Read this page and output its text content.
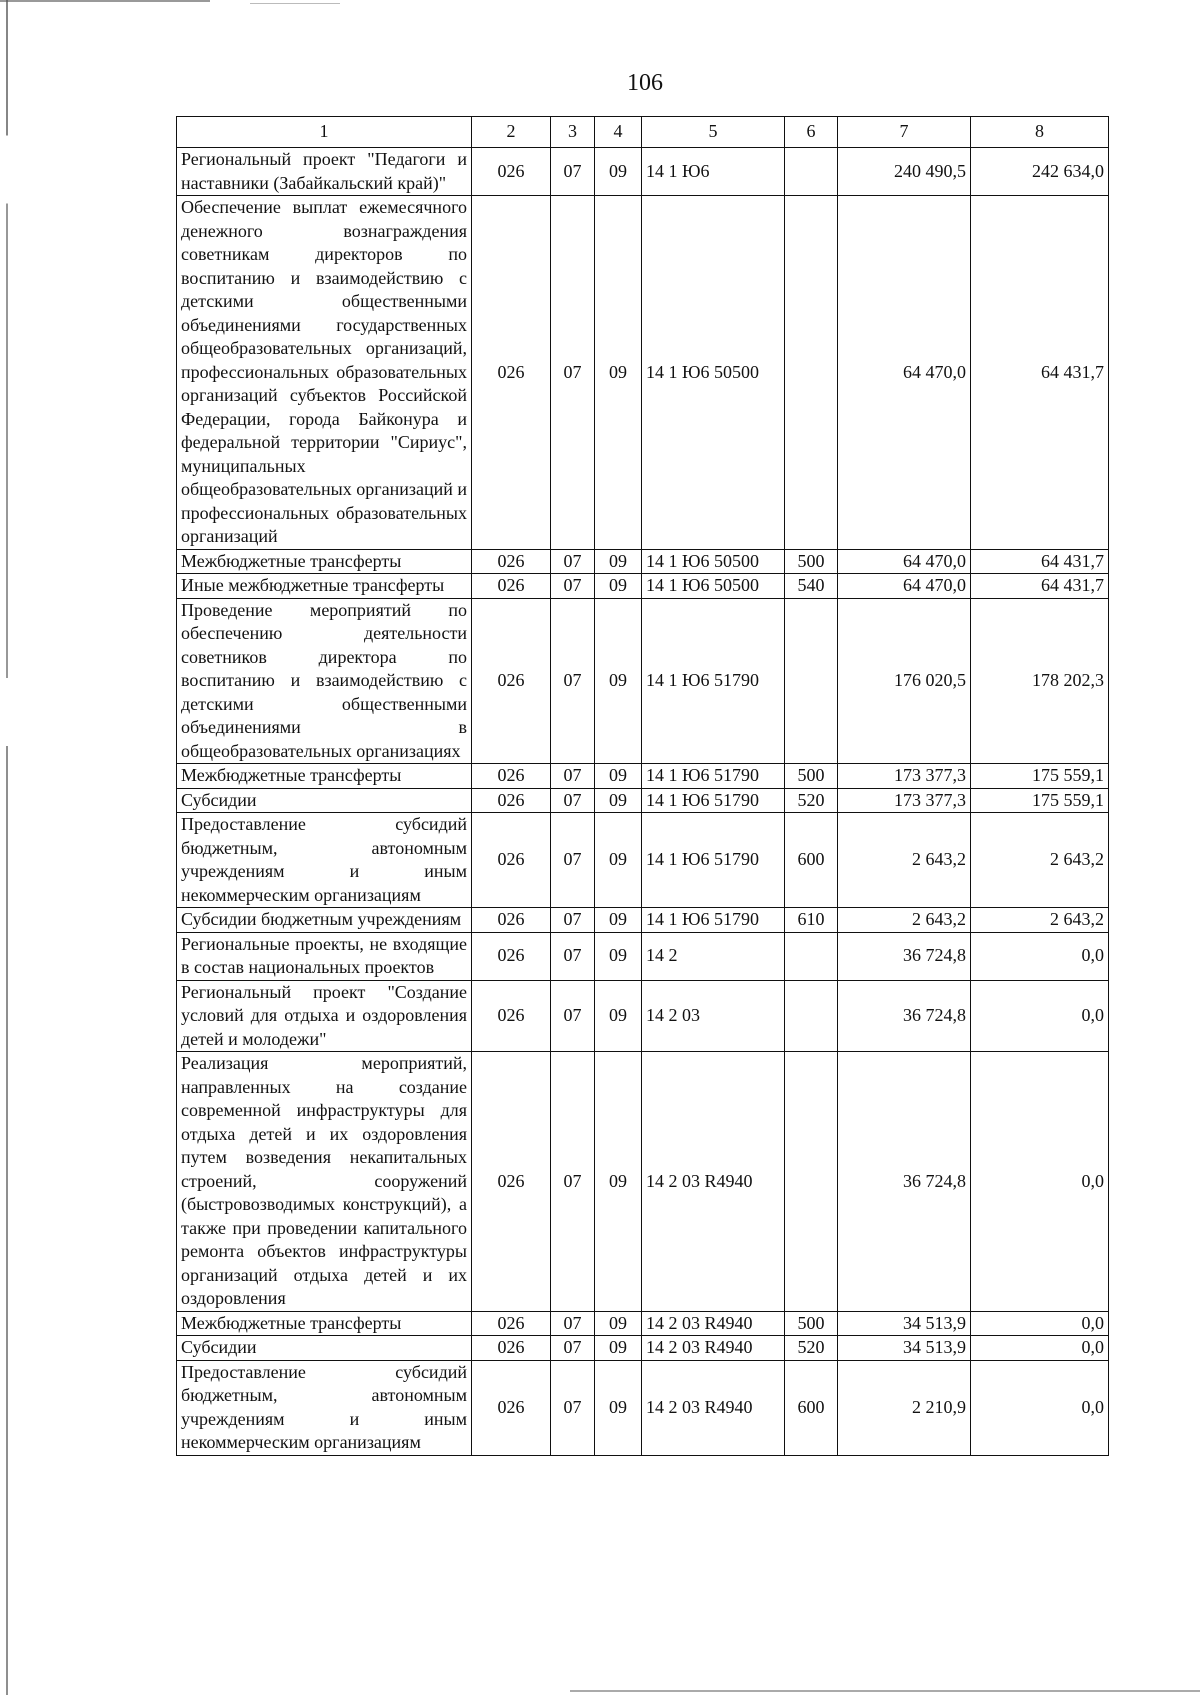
106
1	2	3	4	5	6	7	8
Региональный проект "Педагоги и наставники (Забайкальский край)"	026	07	09	14 1 Ю6		240 490,5	242 634,0
Обеспечение выплат ежемесячного денежного вознаграждения советникам директоров по воспитанию и взаимодействию с детскими общественными объединениями государственных общеобразовательных организаций, профессиональных образовательных организаций субъектов Российской Федерации, города Байконура и федеральной территории "Сириус", муниципальных общеобразовательных организаций и профессиональных образовательных организаций	026	07	09	14 1 Ю6 50500		64 470,0	64 431,7
Межбюджетные трансферты	026	07	09	14 1 Ю6 50500	500	64 470,0	64 431,7
Иные межбюджетные трансферты	026	07	09	14 1 Ю6 50500	540	64 470,0	64 431,7
Проведение мероприятий по обеспечению деятельности советников директора по воспитанию и взаимодействию с детскими общественными объединениями в общеобразовательных организациях	026	07	09	14 1 Ю6 51790		176 020,5	178 202,3
Межбюджетные трансферты	026	07	09	14 1 Ю6 51790	500	173 377,3	175 559,1
Субсидии	026	07	09	14 1 Ю6 51790	520	173 377,3	175 559,1
Предоставление субсидий бюджетным, автономным учреждениям и иным некоммерческим организациям	026	07	09	14 1 Ю6 51790	600	2 643,2	2 643,2
Субсидии бюджетным учреждениям	026	07	09	14 1 Ю6 51790	610	2 643,2	2 643,2
Региональные проекты, не входящие в состав национальных проектов	026	07	09	14 2		36 724,8	0,0
Региональный проект "Создание условий для отдыха и оздоровления детей и молодежи"	026	07	09	14 2 03		36 724,8	0,0
Реализация мероприятий, направленных на создание современной инфраструктуры для отдыха детей и их оздоровления путем возведения некапитальных строений, сооружений (быстровозводимых конструкций), а также при проведении капитального ремонта объектов инфраструктуры организаций отдыха детей и их оздоровления	026	07	09	14 2 03 R4940		36 724,8	0,0
Межбюджетные трансферты	026	07	09	14 2 03 R4940	500	34 513,9	0,0
Субсидии	026	07	09	14 2 03 R4940	520	34 513,9	0,0
Предоставление субсидий бюджетным, автономным учреждениям и иным некоммерческим организациям	026	07	09	14 2 03 R4940	600	2 210,9	0,0
